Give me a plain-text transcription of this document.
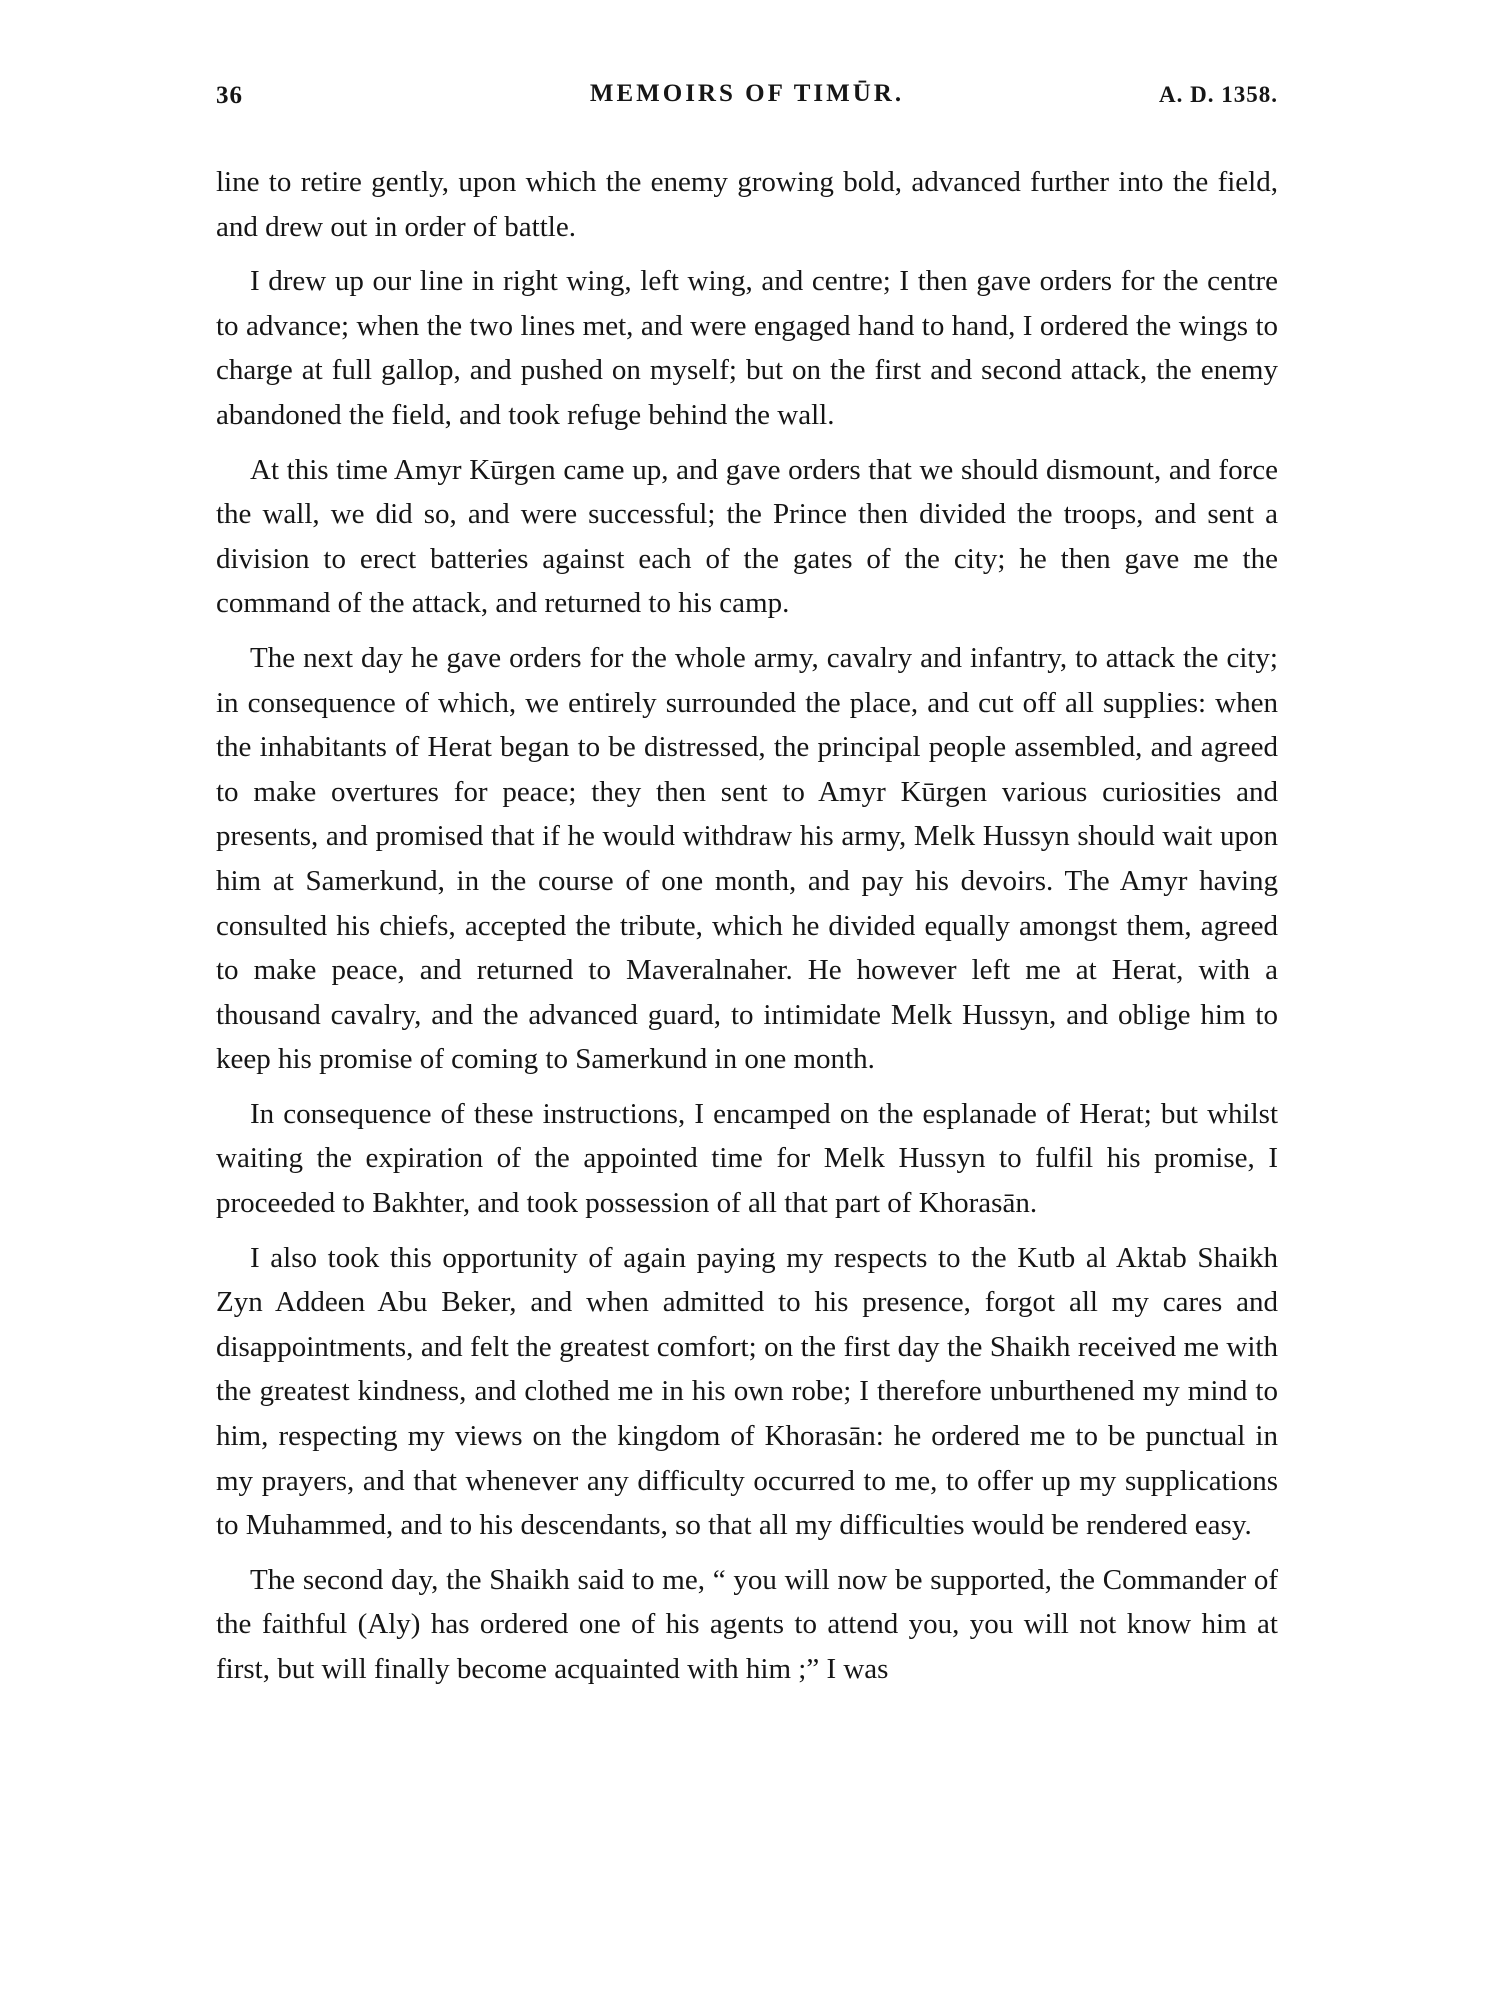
36	MEMOIRS OF TIMŪR.	A. D. 1358.

line to retire gently, upon which the enemy growing bold, advanced further into the field, and drew out in order of battle.

I drew up our line in right wing, left wing, and centre; I then gave orders for the centre to advance; when the two lines met, and were engaged hand to hand, I ordered the wings to charge at full gallop, and pushed on myself; but on the first and second attack, the enemy abandoned the field, and took refuge behind the wall.

At this time Amyr Kūrgen came up, and gave orders that we should dismount, and force the wall, we did so, and were successful; the Prince then divided the troops, and sent a division to erect batteries against each of the gates of the city; he then gave me the command of the attack, and returned to his camp.

The next day he gave orders for the whole army, cavalry and infantry, to attack the city; in consequence of which, we entirely surrounded the place, and cut off all supplies: when the inhabitants of Herat began to be distressed, the principal people assembled, and agreed to make overtures for peace; they then sent to Amyr Kūrgen various curiosities and presents, and promised that if he would withdraw his army, Melk Hussyn should wait upon him at Samerkund, in the course of one month, and pay his devoirs. The Amyr having consulted his chiefs, accepted the tribute, which he divided equally amongst them, agreed to make peace, and returned to Maveralnaher. He however left me at Herat, with a thousand cavalry, and the advanced guard, to intimidate Melk Hussyn, and oblige him to keep his promise of coming to Samerkund in one month.

In consequence of these instructions, I encamped on the esplanade of Herat; but whilst waiting the expiration of the appointed time for Melk Hussyn to fulfil his promise, I proceeded to Bakhter, and took possession of all that part of Khorasān.

I also took this opportunity of again paying my respects to the Kutb al Aktab Shaikh Zyn Addeen Abu Beker, and when admitted to his presence, forgot all my cares and disappointments, and felt the greatest comfort; on the first day the Shaikh received me with the greatest kindness, and clothed me in his own robe; I therefore unburthened my mind to him, respecting my views on the kingdom of Khorasān: he ordered me to be punctual in my prayers, and that whenever any difficulty occurred to me, to offer up my supplications to Muhammed, and to his descendants, so that all my difficulties would be rendered easy.

The second day, the Shaikh said to me, “ you will now be supported, the Commander of the faithful (Aly) has ordered one of his agents to attend you, you will not know him at first, but will finally become acquainted with him ;” I was
